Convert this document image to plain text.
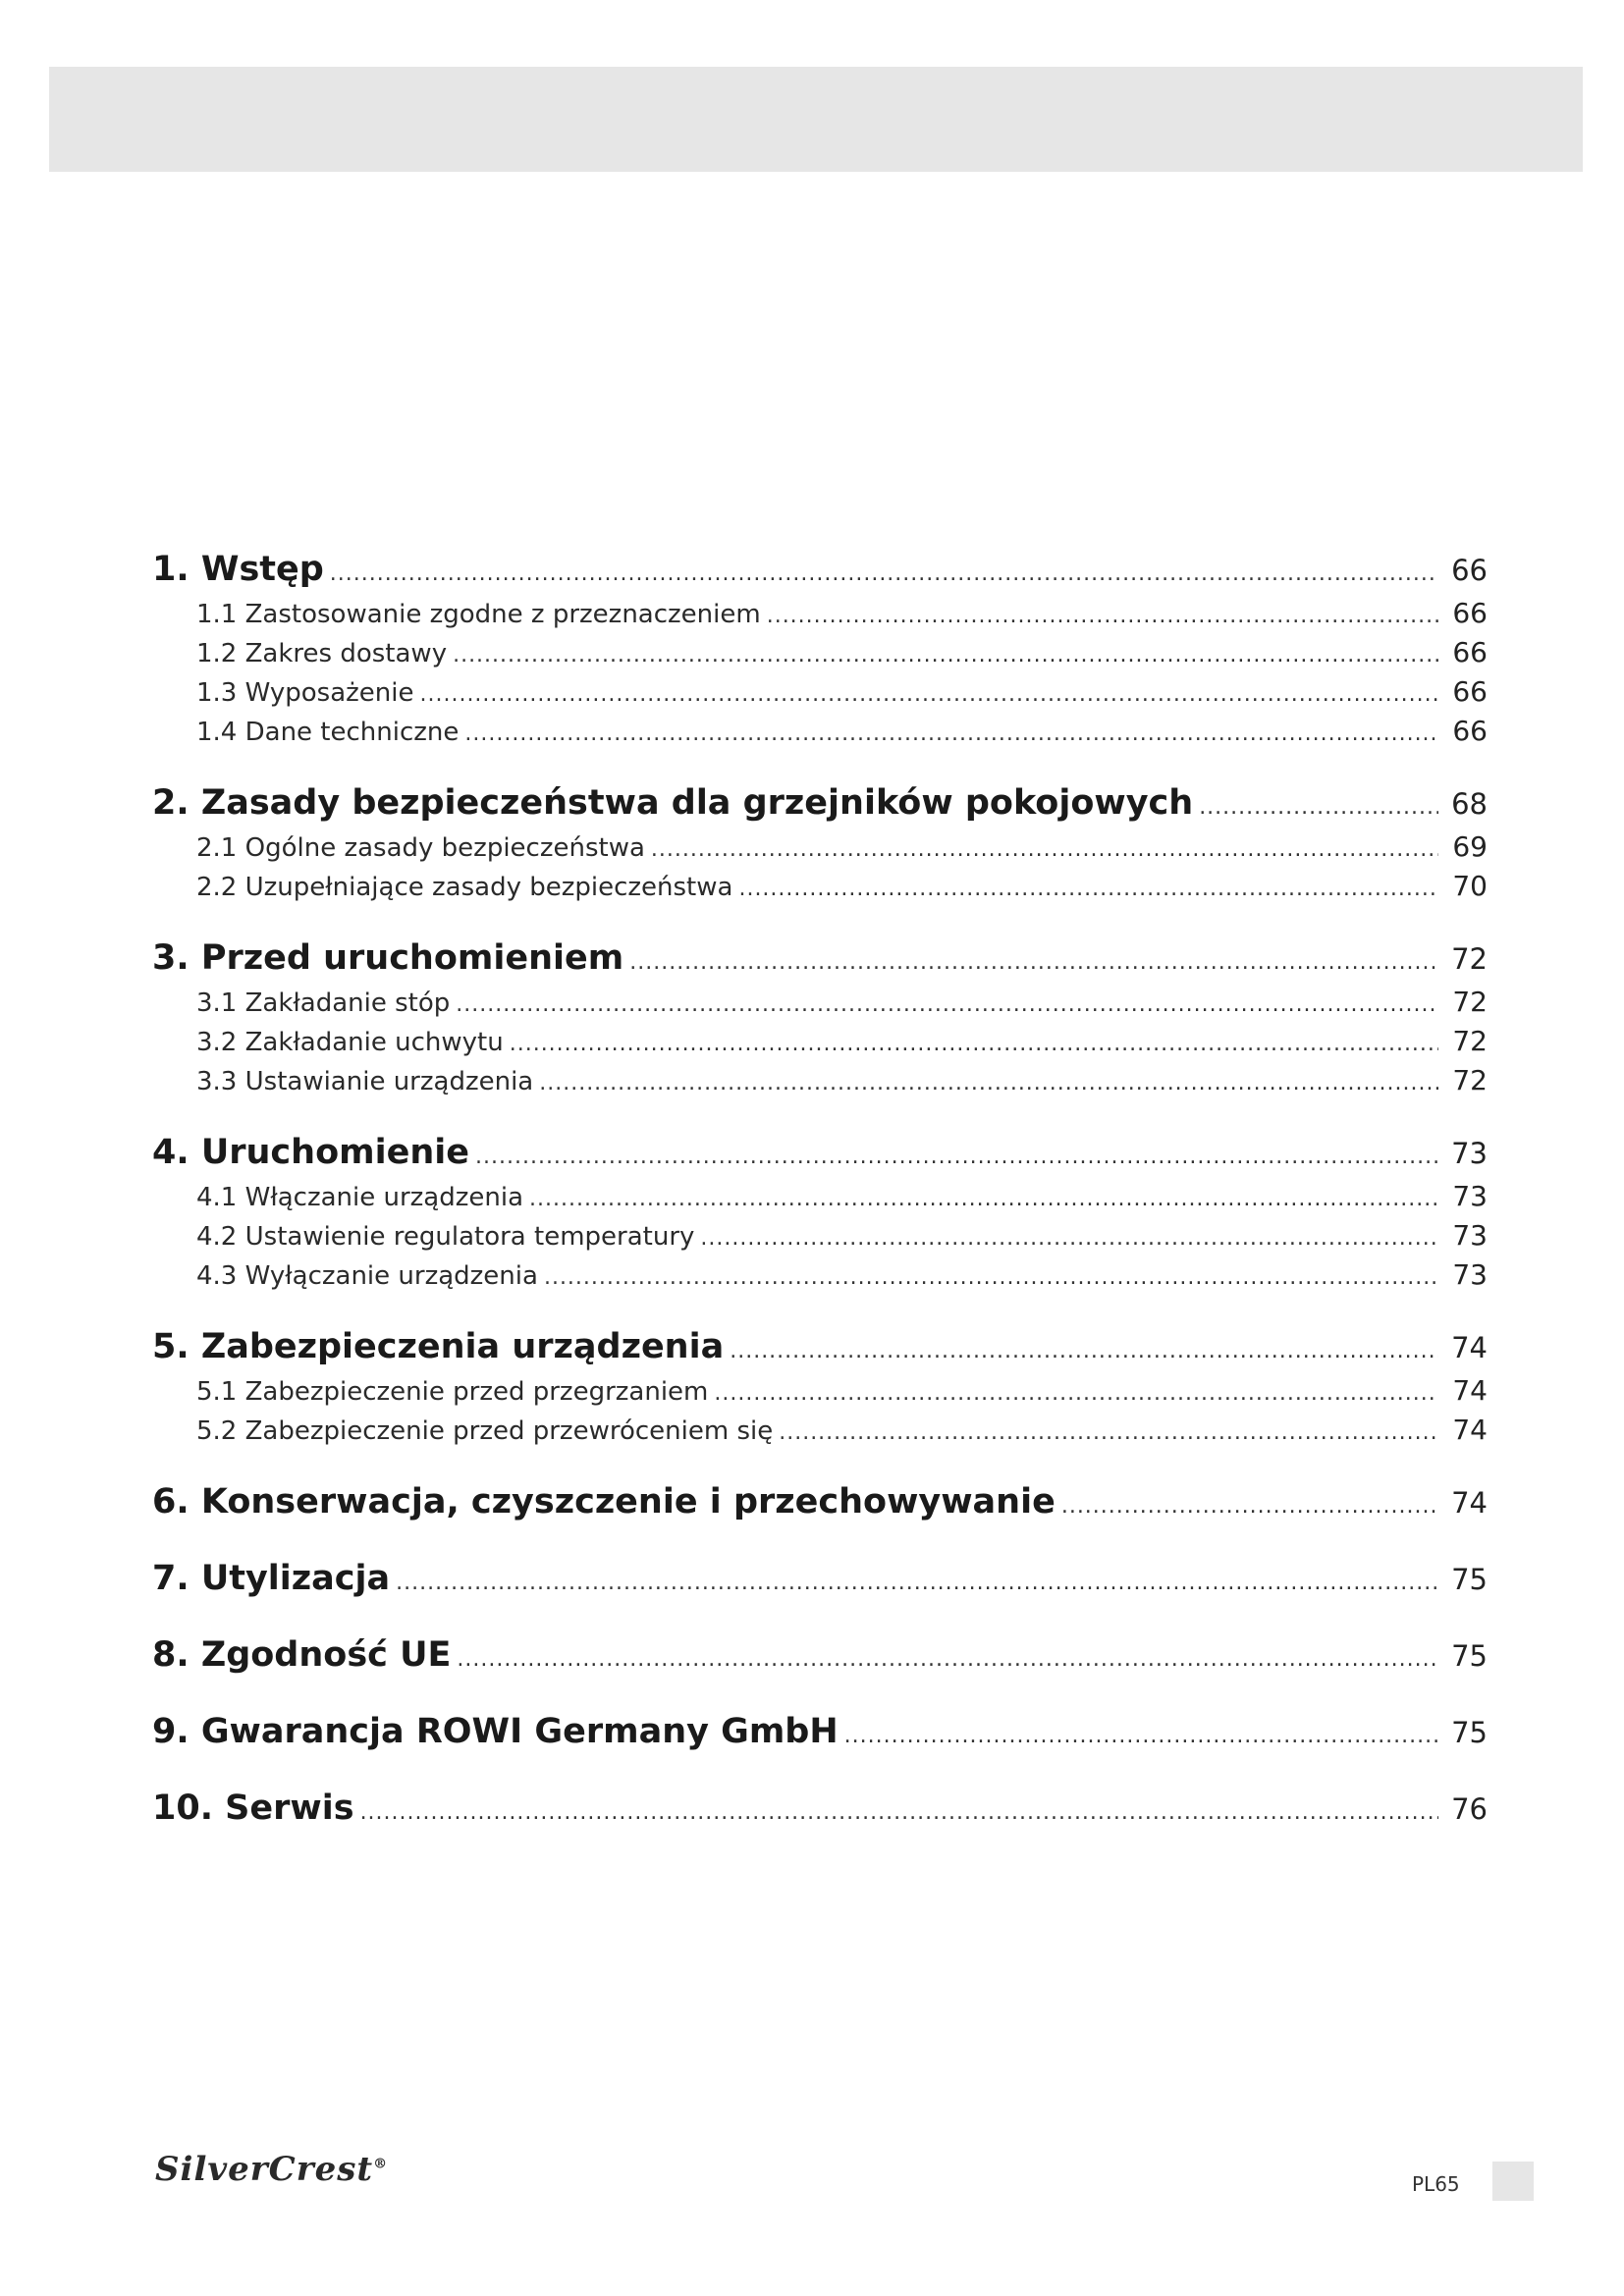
1. Wstęp .....	66
1.1 Zastosowanie zgodne z przeznaczeniem .....	66
1.2 Zakres dostawy .....	66
1.3 Wyposażenie .....	66
1.4 Dane techniczne .....	66
2. Zasady bezpieczeństwa dla grzejników pokojowych .....	68
2.1 Ogólne zasady bezpieczeństwa .....	69
2.2 Uzupełniające zasady bezpieczeństwa .....	70
3. Przed uruchomieniem .....	72
3.1 Zakładanie stóp .....	72
3.2 Zakładanie uchwytu .....	72
3.3 Ustawianie urządzenia .....	72
4. Uruchomienie .....	73
4.1 Włączanie urządzenia .....	73
4.2 Ustawienie regulatora temperatury .....	73
4.3 Wyłączanie urządzenia .....	73
5. Zabezpieczenia urządzenia .....	74
5.1 Zabezpieczenie przed przegrzaniem .....	74
5.2 Zabezpieczenie przed przewróceniem się .....	74
6. Konserwacja, czyszczenie i przechowywanie .....	74
7. Utylizacja .....	75
8. Zgodność UE .....	75
9. Gwarancja ROWI Germany GmbH .....	75
10. Serwis .....	76
SilverCrest®
PL65
